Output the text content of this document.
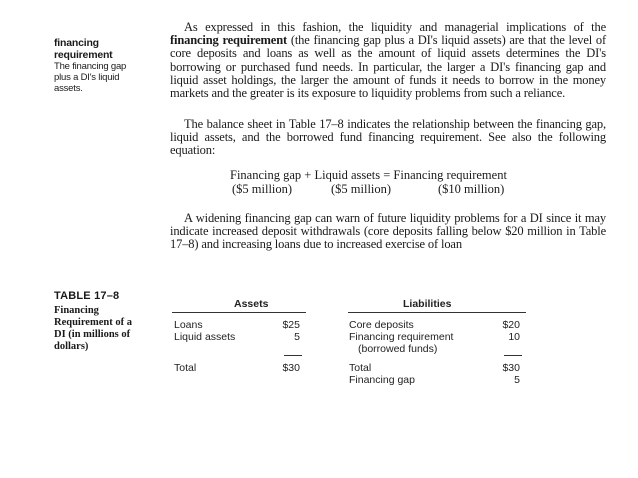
financing
requirement
The financing gap
plus a DI's liquid
assets.
As expressed in this fashion, the liquidity and managerial implications of the financing requirement (the financing gap plus a DI's liquid assets) are that the level of core deposits and loans as well as the amount of liquid assets determines the DI's borrowing or purchased fund needs. In particular, the larger a DI's financing gap and liquid asset holdings, the larger the amount of funds it needs to borrow in the money markets and the greater is its exposure to liquidity problems from such a reliance.
The balance sheet in Table 17–8 indicates the relationship between the financing gap, liquid assets, and the borrowed fund financing requirement. See also the following equation:
Financing gap + Liquid assets = Financing requirement
($5 million)	($5 million)	($10 million)
A widening financing gap can warn of future liquidity problems for a DI since it may indicate increased deposit withdrawals (core deposits falling below $20 million in Table 17–8) and increasing loans due to increased exercise of loan
TABLE 17–8
Financing
Requirement of a
DI (in millions of
dollars)
Assets	Liabilities
Loans	$25
Liquid assets	5
Total	$30
Core deposits	$20
Financing requirement	10
(borrowed funds)
Total	$30
Financing gap	5
